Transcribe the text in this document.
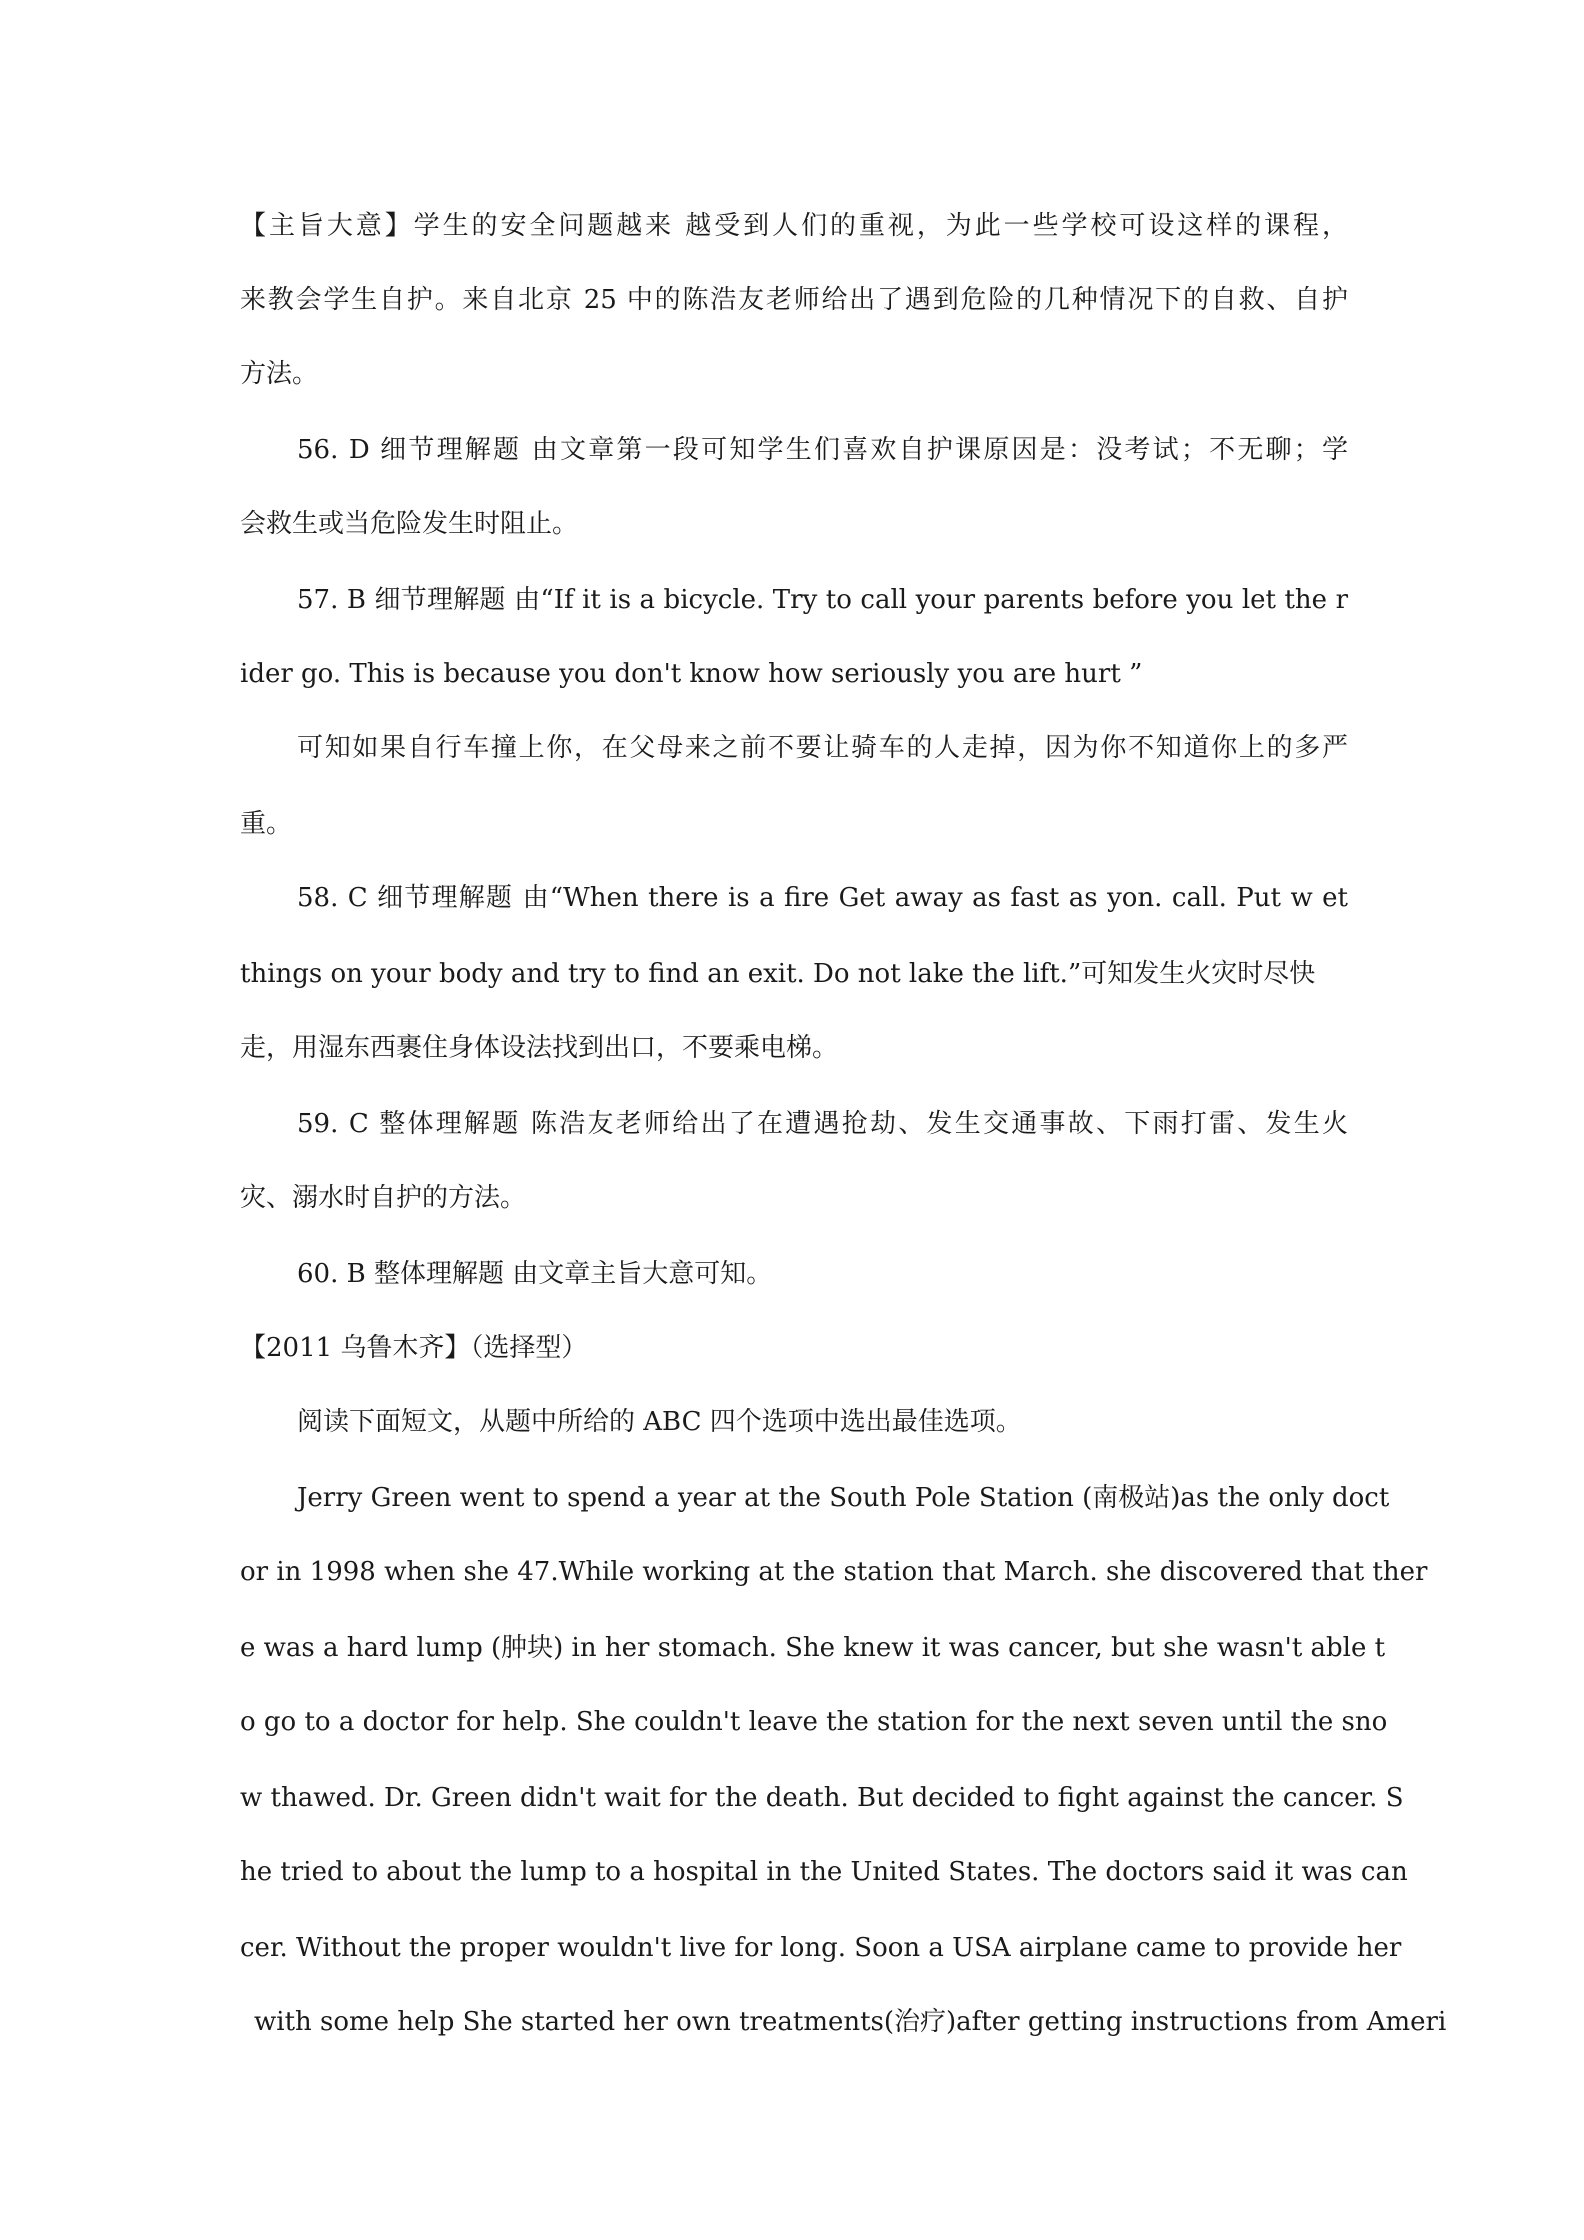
【主旨大意】学生的安全问题越来 越受到人们的重视，为此一些学校可设这样的课程，
来教会学生自护。来自北京 25 中的陈浩友老师给出了遇到危险的几种情况下的自救、自护
方法。
56. D 细节理解题 由文章第一段可知学生们喜欢自护课原因是：没考试；不无聊；学
会救生或当危险发生时阻止。
57. B 细节理解题 由“If it is a bicycle. Try to call your parents before you let the r
ider go. This is because you don't know how seriously you are hurt ”
可知如果自行车撞上你，在父母来之前不要让骑车的人走掉，因为你不知道你上的多严
重。
58. C 细节理解题 由“When there is a fire Get away as fast as yon. call. Put w et
things on your body and try to find an exit. Do not lake the lift.”可知发生火灾时尽快
走，用湿东西裹住身体设法找到出口，不要乘电梯。
59. C 整体理解题 陈浩友老师给出了在遭遇抢劫、发生交通事故、下雨打雷、发生火
灾、溺水时自护的方法。
60. B 整体理解题 由文章主旨大意可知。
【2011 乌鲁木齐】（选择型）
阅读下面短文，从题中所给的 ABC 四个选项中选出最佳选项。
Jerry Green went to spend a year at the South Pole Station (南极站)as the only doct
or in 1998 when she 47.While working at the station that March. she discovered that ther
e was a hard lump (肿块) in her stomach. She knew it was cancer, but she wasn't able t
o go to a doctor for help. She couldn't leave the station for the next seven until the sno
w thawed. Dr. Green didn't wait for the death. But decided to fight against the cancer. S
he tried to about the lump to a hospital in the United States. The doctors said it was can
cer. Without the proper wouldn't live for long. Soon a USA airplane came to provide her
with some help She started her own treatments(治疗)after getting instructions from Ameri
